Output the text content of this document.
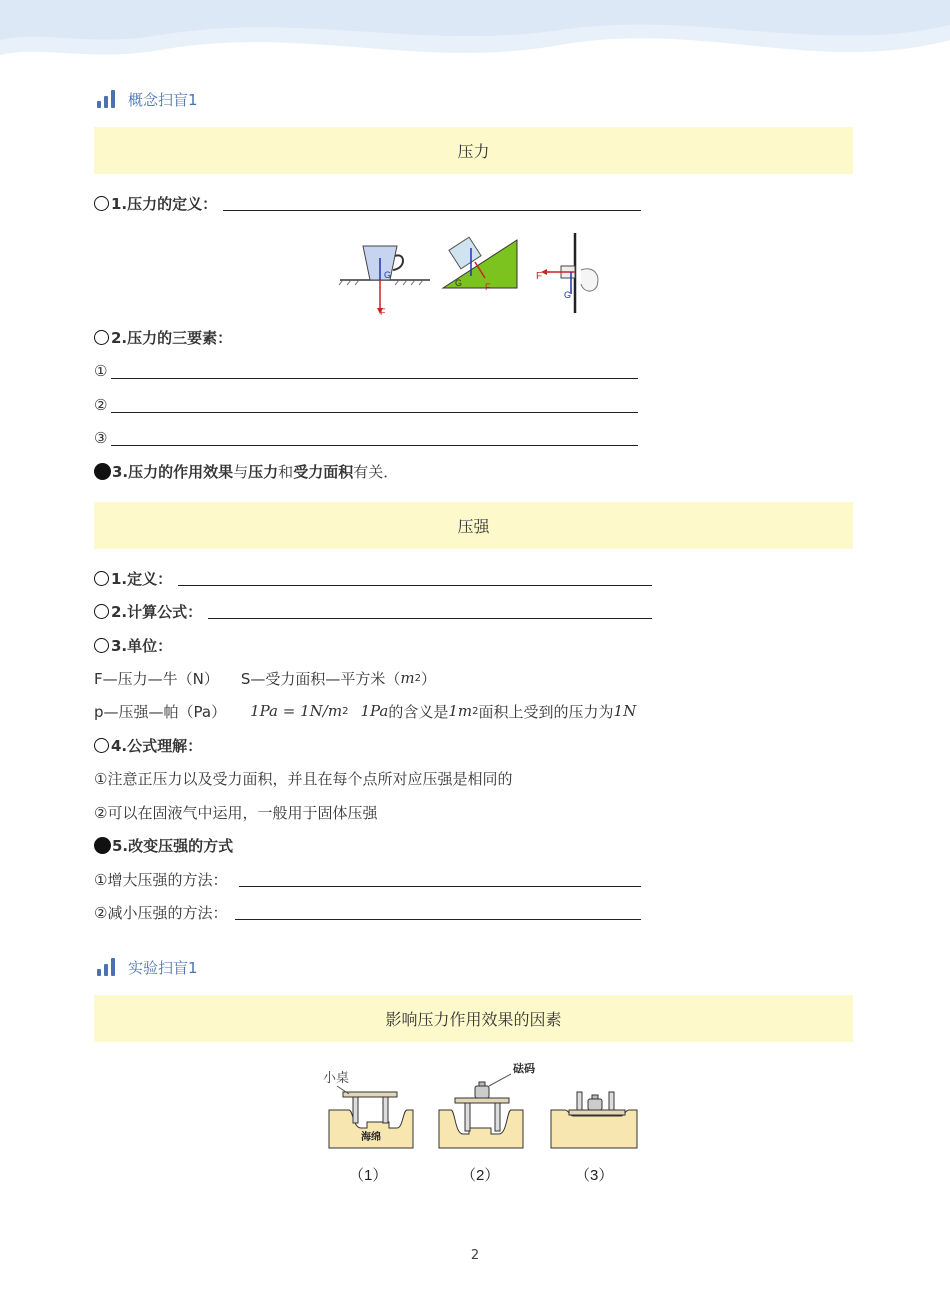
概念扫盲1
压力
1.压力的定义：
G
F
G	F
F
G
2.压力的三要素：
①
②
③
3.压力的作用效果 与 压力 和 受力面积 有关．
压强
1.定义：
2.计算公式：
3.单位：
F—压力—牛（N） S—受力面积—平方米（ m 2 ）
p—压强—帕（Pa） 1Pa = 1N/m 2 1Pa 的含义是 1m 2 面积上受到的压力为 1N
4.公式理解：
①注意正压力以及受力面积，并且在每个点所对应压强是相同的
②可以在固液气中运用，一般用于固体压强
5.改变压强的方式
①增大压强的方法：
②减小压强的方法：
实验扫盲1
影响压力作用效果的因素
小桌
海绵
（1）
砝码
（2）	（3）
2
